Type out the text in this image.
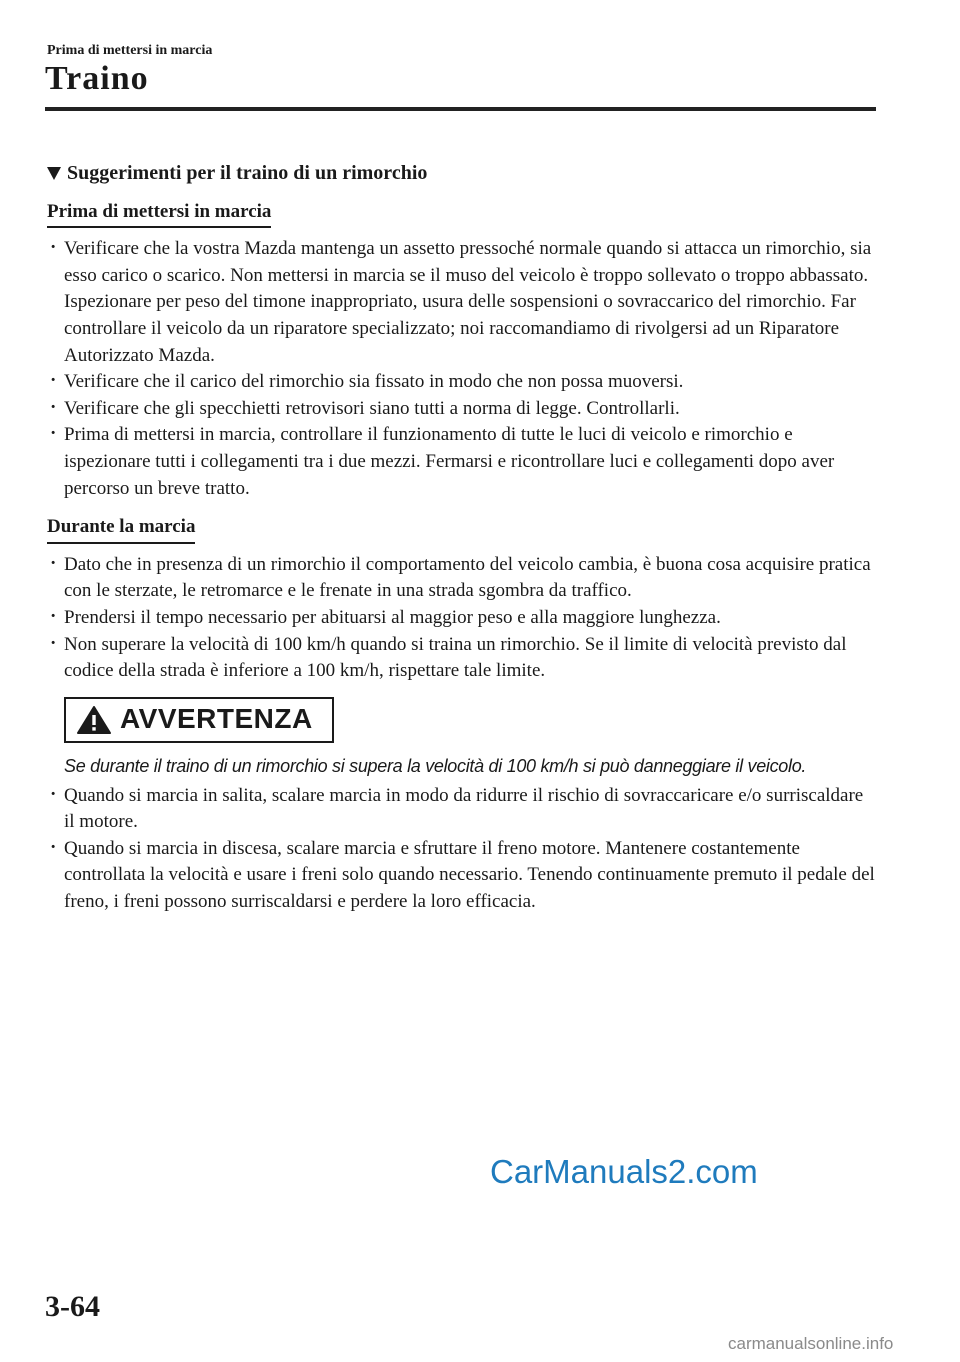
Prima di mettersi in marcia
Traino
Suggerimenti per il traino di un rimorchio
Prima di mettersi in marcia
· Verificare che la vostra Mazda mantenga un assetto pressoché normale quando si attacca un rimorchio, sia esso carico o scarico. Non mettersi in marcia se il muso del veicolo è troppo sollevato o troppo abbassato. Ispezionare per peso del timone inappropriato, usura delle sospensioni o sovraccarico del rimorchio. Far controllare il veicolo da un riparatore specializzato; noi raccomandiamo di rivolgersi ad un Riparatore Autorizzato Mazda.
· Verificare che il carico del rimorchio sia fissato in modo che non possa muoversi.
· Verificare che gli specchietti retrovisori siano tutti a norma di legge. Controllarli.
· Prima di mettersi in marcia, controllare il funzionamento di tutte le luci di veicolo e rimorchio e ispezionare tutti i collegamenti tra i due mezzi. Fermarsi e ricontrollare luci e collegamenti dopo aver percorso un breve tratto.
Durante la marcia
· Dato che in presenza di un rimorchio il comportamento del veicolo cambia, è buona cosa acquisire pratica con le sterzate, le retromarce e le frenate in una strada sgombra da traffico.
· Prendersi il tempo necessario per abituarsi al maggior peso e alla maggiore lunghezza.
· Non superare la velocità di 100 km/h quando si traina un rimorchio. Se il limite di velocità previsto dal codice della strada è inferiore a 100 km/h, rispettare tale limite.
AVVERTENZA
Se durante il traino di un rimorchio si supera la velocità di 100 km/h si può danneggiare il veicolo.
· Quando si marcia in salita, scalare marcia in modo da ridurre il rischio di sovraccaricare e/o surriscaldare il motore.
· Quando si marcia in discesa, scalare marcia e sfruttare il freno motore. Mantenere costantemente controllata la velocità e usare i freni solo quando necessario. Tenendo continuamente premuto il pedale del freno, i freni possono surriscaldarsi e perdere la loro efficacia.
CarManuals2.com
3-64
carmanualsonline.info
